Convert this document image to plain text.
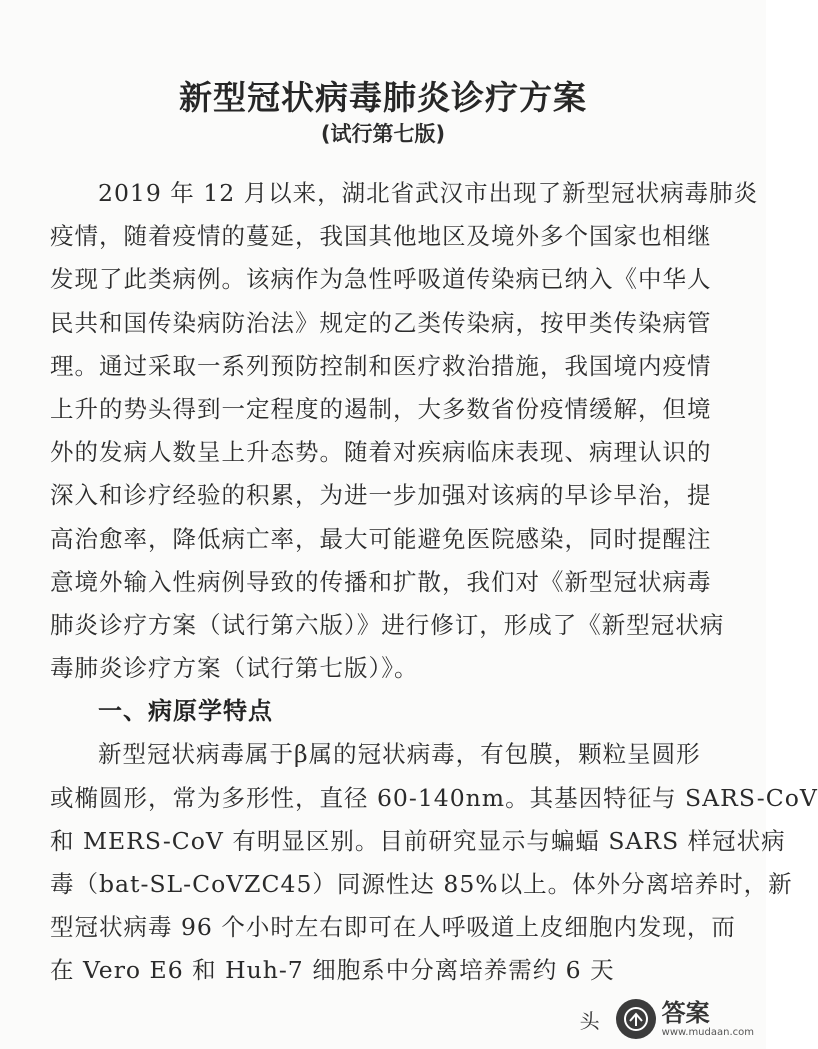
新型冠状病毒肺炎诊疗方案
(试行第七版)
2019 年 12 月以来，湖北省武汉市出现了新型冠状病毒肺炎
疫情，随着疫情的蔓延，我国其他地区及境外多个国家也相继
发现了此类病例。该病作为急性呼吸道传染病已纳入《中华人
民共和国传染病防治法》规定的乙类传染病，按甲类传染病管
理。通过采取一系列预防控制和医疗救治措施，我国境内疫情
上升的势头得到一定程度的遏制，大多数省份疫情缓解，但境
外的发病人数呈上升态势。随着对疾病临床表现、病理认识的
深入和诊疗经验的积累，为进一步加强对该病的早诊早治，提
高治愈率，降低病亡率，最大可能避免医院感染，同时提醒注
意境外输入性病例导致的传播和扩散，我们对《新型冠状病毒
肺炎诊疗方案（试行第六版）》进行修订，形成了《新型冠状病
毒肺炎诊疗方案（试行第七版）》。
一、病原学特点
新型冠状病毒属于β属的冠状病毒，有包膜，颗粒呈圆形
或椭圆形，常为多形性，直径 60-140nm。其基因特征与 SARS-CoV
和 MERS-CoV 有明显区别。目前研究显示与蝙蝠 SARS 样冠状病
毒（bat-SL-CoVZC45）同源性达 85%以上。体外分离培养时，新
型冠状病毒 96 个小时左右即可在人呼吸道上皮细胞内发现，而
在 Vero E6 和 Huh-7 细胞系中分离培养需约 6 天
头	答案
www.mudaan.com
